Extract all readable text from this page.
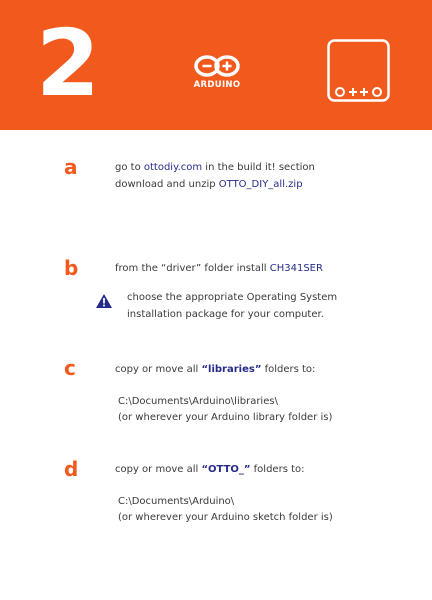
2	ARDUINO
a	go to ottodiy.com in the build it! section
download and unzip OTTO_DIY_all.zip
b	from the “driver” folder install CH341SER
choose the appropriate Operating System
installation package for your computer.
c	copy or move all “libraries” folders to:
C:\Documents\Arduino\libraries\
(or wherever your Arduino library folder is)
d	copy or move all “OTTO_” folders to:
C:\Documents\Arduino\
(or wherever your Arduino sketch folder is)
